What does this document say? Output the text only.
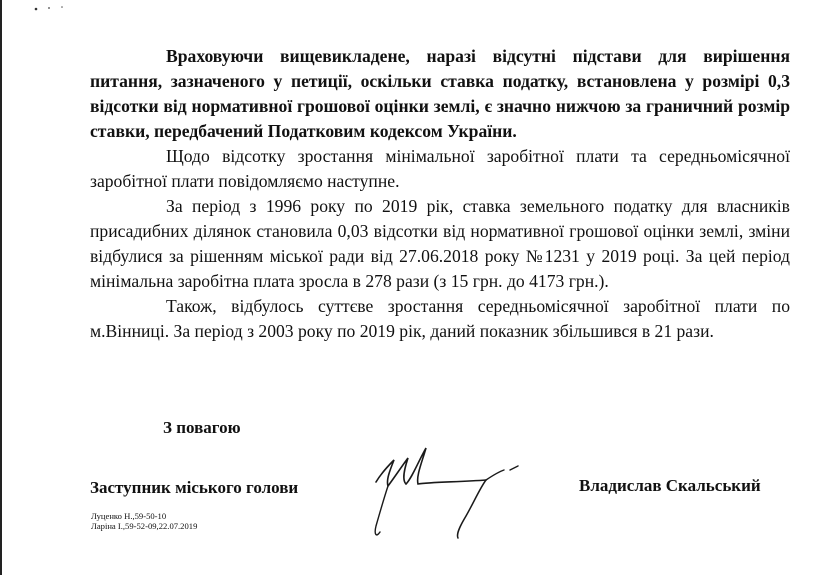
Враховуючи вищевикладене, наразі відсутні підстави для вирішення питання, зазначеного у петиції, оскільки ставка податку, встановлена у розмірі 0,3 відсотки від нормативної грошової оцінки землі, є значно нижчою за граничний розмір ставки, передбачений Податковим кодексом України.

Щодо відсотку зростання мінімальної заробітної плати та середньомісячної заробітної плати повідомляємо наступне.

За період з 1996 року по 2019 рік, ставка земельного податку для власників присадибних ділянок становила 0,03 відсотки від нормативної грошової оцінки землі, зміни відбулися за рішенням міської ради від 27.06.2018 року №1231 у 2019 році. За цей період мінімальна заробітна плата зросла в 278 рази (з 15 грн. до 4173 грн.).

Також, відбулось суттєве зростання середньомісячної заробітної плати по м.Вінниці. За період з 2003 року по 2019 рік, даний показник збільшився в 21 рази.

З повагою
Заступник міського голови	Владислав Скальський
Луценко Н.,59-50-10
Ларіна І.,59-52-09,22.07.2019
